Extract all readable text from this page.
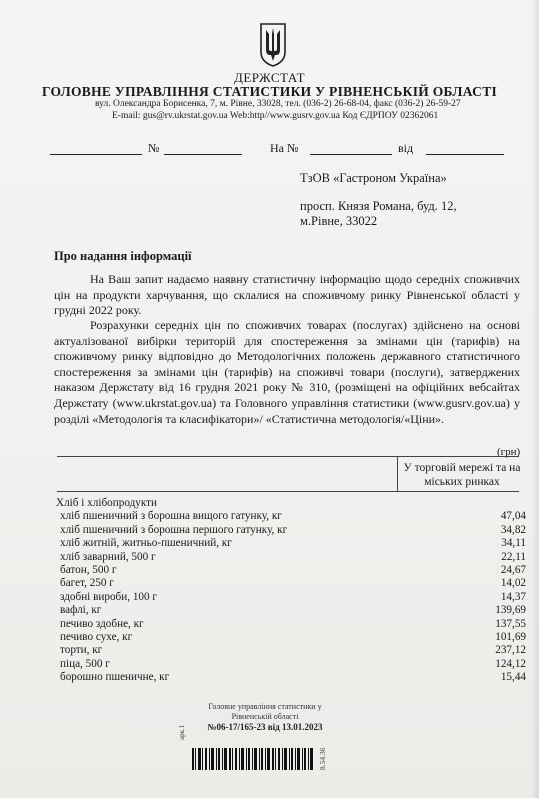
ДЕРЖСТАТ
ГОЛОВНЕ УПРАВЛІННЯ СТАТИСТИКИ У РІВНЕНСЬКІЙ ОБЛАСТІ
вул. Олександра Борисенка, 7, м. Рівне, 33028, тел. (036-2) 26-68-04, факс (036-2) 26-59-27
E-mail: gus@rv.ukrstat.gov.ua Web:http//www.gusrv.gov.ua Код ЄДРПОУ 02362061
№	На №	від
ТзОВ «Гастроном Україна»
просп. Князя Романа, буд. 12,
м.Рівне, 33022
Про надання інформації

На Ваш запит надаємо наявну статистичну інформацію щодо середніх споживчих цін на продукти харчування, що склалися на споживчому ринку Рівненської області у грудні 2022 року.

Розрахунки середніх цін по споживчих товарах (послугах) здійснено на основі актуалізованої вибірки територій для спостереження за змінами цін (тарифів) на споживчому ринку відповідно до Методологічних положень державного статистичного спостереження за змінами цін (тарифів) на споживчі товари (послуги), затверджених наказом Держстату від 16 грудня 2021 року № 310, (розміщені на офіційних вебсайтах Держстату (www.ukrstat.gov.ua) та Головного управління статистики (www.gusrv.gov.ua) у розділі «Методологія та класифікатори»/ «Статистична методологія/«Ціни».

(грн)
У торговій мережі та на міських ринках
Хліб і хлібопродукти
хліб пшеничний з борошна вищого гатунку, кг	47,04
хліб пшеничний з борошна першого гатунку, кг	34,82
хліб житній, житньо-пшеничний, кг	34,11
хліб заварний, 500 г	22,11
батон, 500 г	24,67
багет, 250 г	14,02
здобні вироби, 100 г	14,37
вафлі, кг	139,69
печиво здобне, кг	137,55
печиво сухе, кг	101,69
торти, кг	237,12
піца, 500 г	124,12
борошно пшеничне, кг	15,44
Головне управління статистики у
Рівненській області
№06-17/165-23 від 13.01.2023
арк.1
8.54.36
